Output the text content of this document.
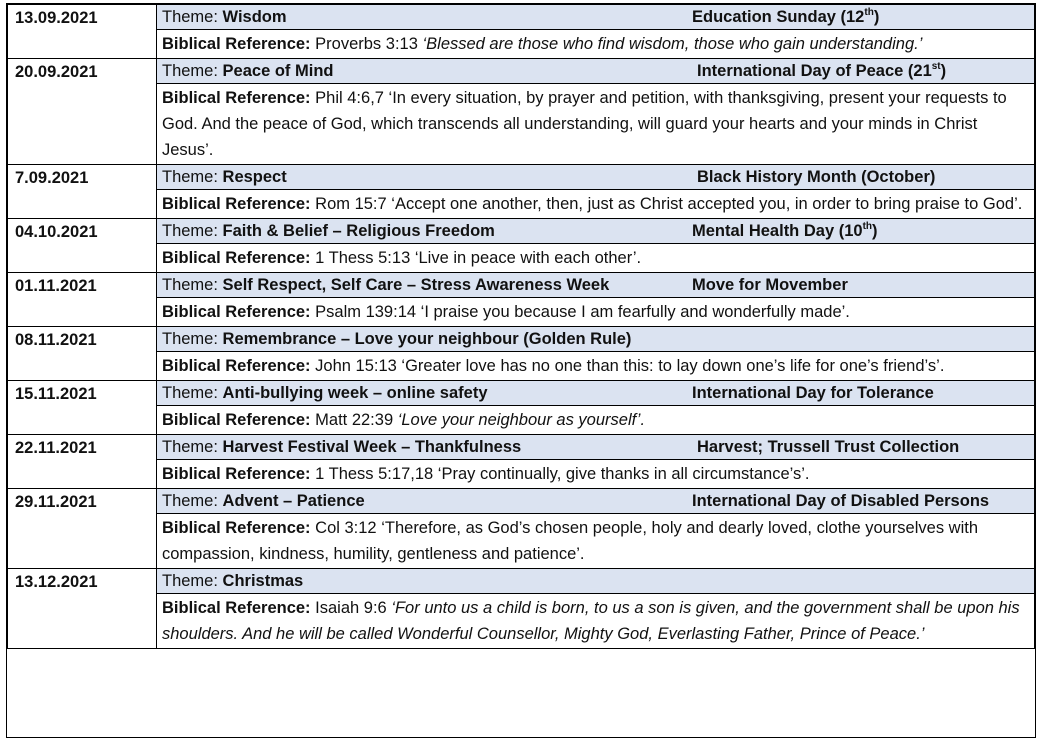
13.09.2021	Theme: Wisdom Education Sunday (12th)

	Biblical Reference: Proverbs 3:13 ‘Blessed are those who find wisdom, those who gain understanding.’
20.09.2021	Theme: Peace of Mind International Day of Peace (21st)

	Biblical Reference: Phil 4:6,7 ‘In every situation, by prayer and petition, with thanksgiving, present your requests to God. And the peace of God, which transcends all understanding, will guard your hearts and your minds in Christ Jesus’.
7.09.2021	Theme: Respect Black History Month (October)

	Biblical Reference: Rom 15:7 ‘Accept one another, then, just as Christ accepted you, in order to bring praise to God’.
04.10.2021	Theme: Faith & Belief – Religious Freedom Mental Health Day (10th)

	Biblical Reference: 1 Thess 5:13 ‘Live in peace with each other’.
01.11.2021	Theme: Self Respect, Self Care – Stress Awareness Week Move for Movember

	Biblical Reference: Psalm 139:14 ‘I praise you because I am fearfully and wonderfully made’.
08.11.2021	Theme: Remembrance – Love your neighbour (Golden Rule)

	Biblical Reference: John 15:13 ‘Greater love has no one than this: to lay down one’s life for one’s friend’s’.
15.11.2021	Theme: Anti-bullying week – online safety International Day for Tolerance

	Biblical Reference: Matt 22:39 ‘Love your neighbour as yourself’.
22.11.2021	Theme: Harvest Festival Week – Thankfulness Harvest; Trussell Trust Collection

	Biblical Reference: 1 Thess 5:17,18 ‘Pray continually, give thanks in all circumstance’s’.
29.11.2021	Theme: Advent – Patience International Day of Disabled Persons

	Biblical Reference: Col 3:12 ‘Therefore, as God’s chosen people, holy and dearly loved, clothe yourselves with compassion, kindness, humility, gentleness and patience’.
13.12.2021	Theme: Christmas

	Biblical Reference: Isaiah 9:6 ‘For unto us a child is born, to us a son is given, and the government shall be upon his shoulders. And he will be called Wonderful Counsellor, Mighty God, Everlasting Father, Prince of Peace.’
